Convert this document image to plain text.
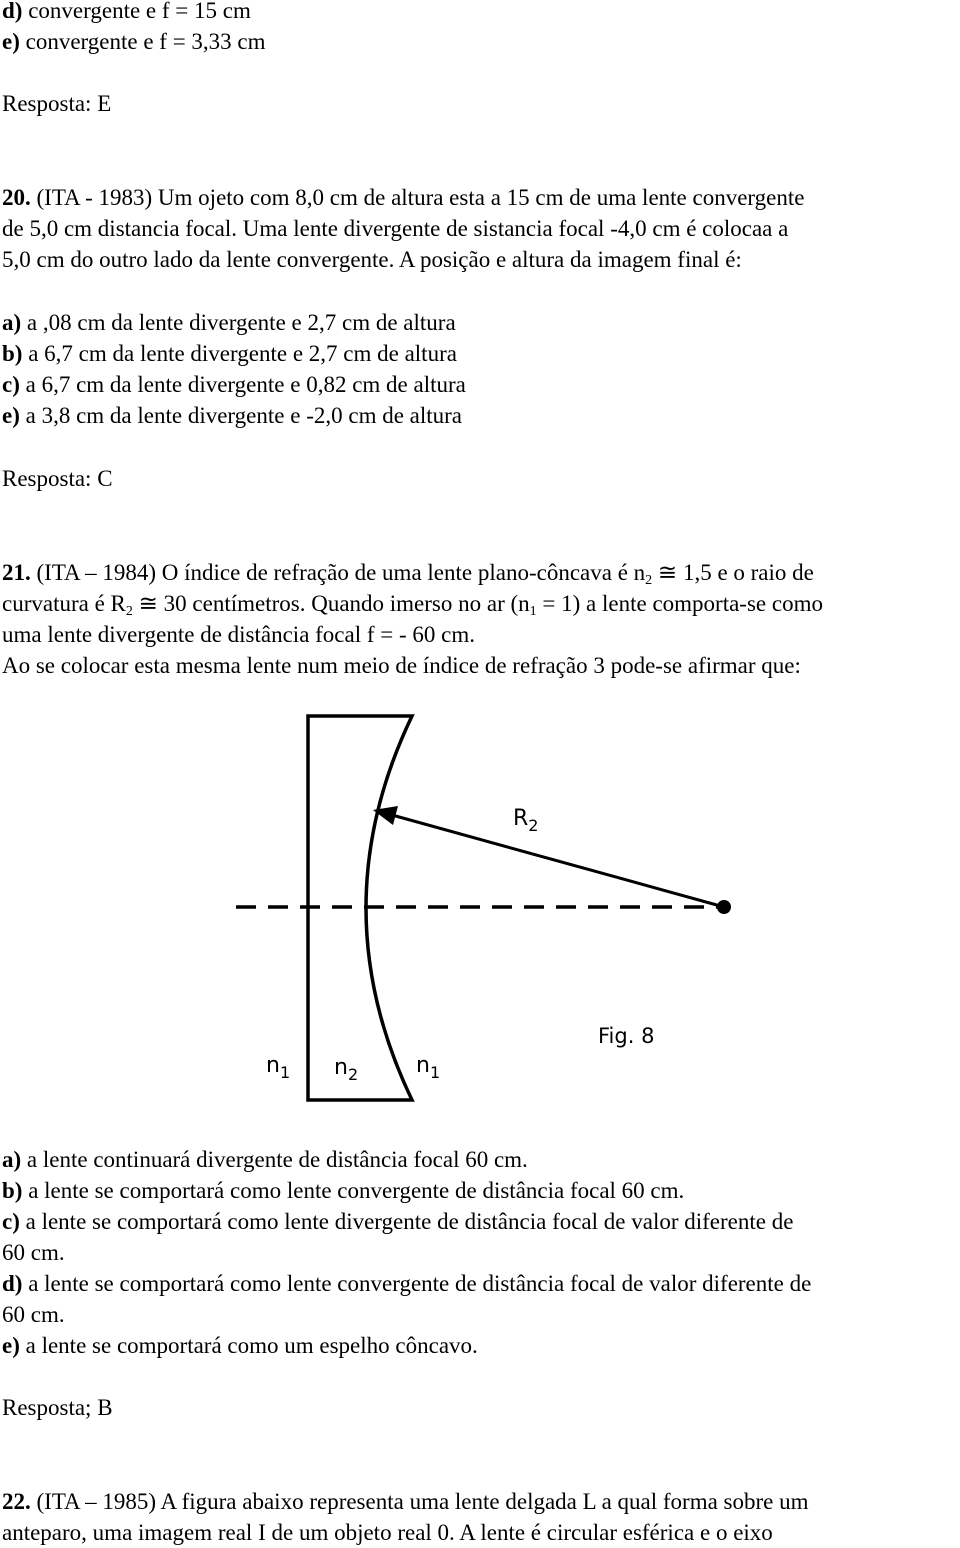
d) convergente e f = 15 cm

e) convergente e f = 3,33 cm

Resposta: E

20. (ITA - 1983) Um ojeto com 8,0 cm de altura esta a 15 cm de uma lente convergente

de 5,0 cm distancia focal. Uma lente divergente de sistancia focal -4,0 cm é colocaa a

5,0 cm do outro lado da lente convergente. A posição e altura da imagem final é:

a) a ,08 cm da lente divergente e 2,7 cm de altura

b) a 6,7 cm da lente divergente e 2,7 cm de altura

c) a 6,7 cm da lente divergente e 0,82 cm de altura

e) a 3,8 cm da lente divergente e -2,0 cm de altura

Resposta: C

21. (ITA – 1984) O índice de refração de uma lente plano-côncava é $n_2$ ≅ 1,5 e o raio de

curvatura é $R_2$ ≅ 30 centímetros. Quando imerso no ar $(n_1 = 1)$ a lente comporta-se como

uma lente divergente de distância focal f = - 60 cm.

Ao se colocar esta mesma lente num meio de índice de refração 3 pode-se afirmar que:

$R_2$
Fig. 8
$n_1$ $n_2$	$n_1$

a) a lente continuará divergente de distância focal 60 cm.

b) a lente se comportará como lente convergente de distância focal 60 cm.

c) a lente se comportará como lente divergente de distância focal de valor diferente de

60 cm.

d) a lente se comportará como lente convergente de distância focal de valor diferente de

60 cm.

e) a lente se comportará como um espelho côncavo.

Resposta; B

22. (ITA – 1985) A figura abaixo representa uma lente delgada L a qual forma sobre um

anteparo, uma imagem real I de um objeto real 0. A lente é circular esférica e o eixo
